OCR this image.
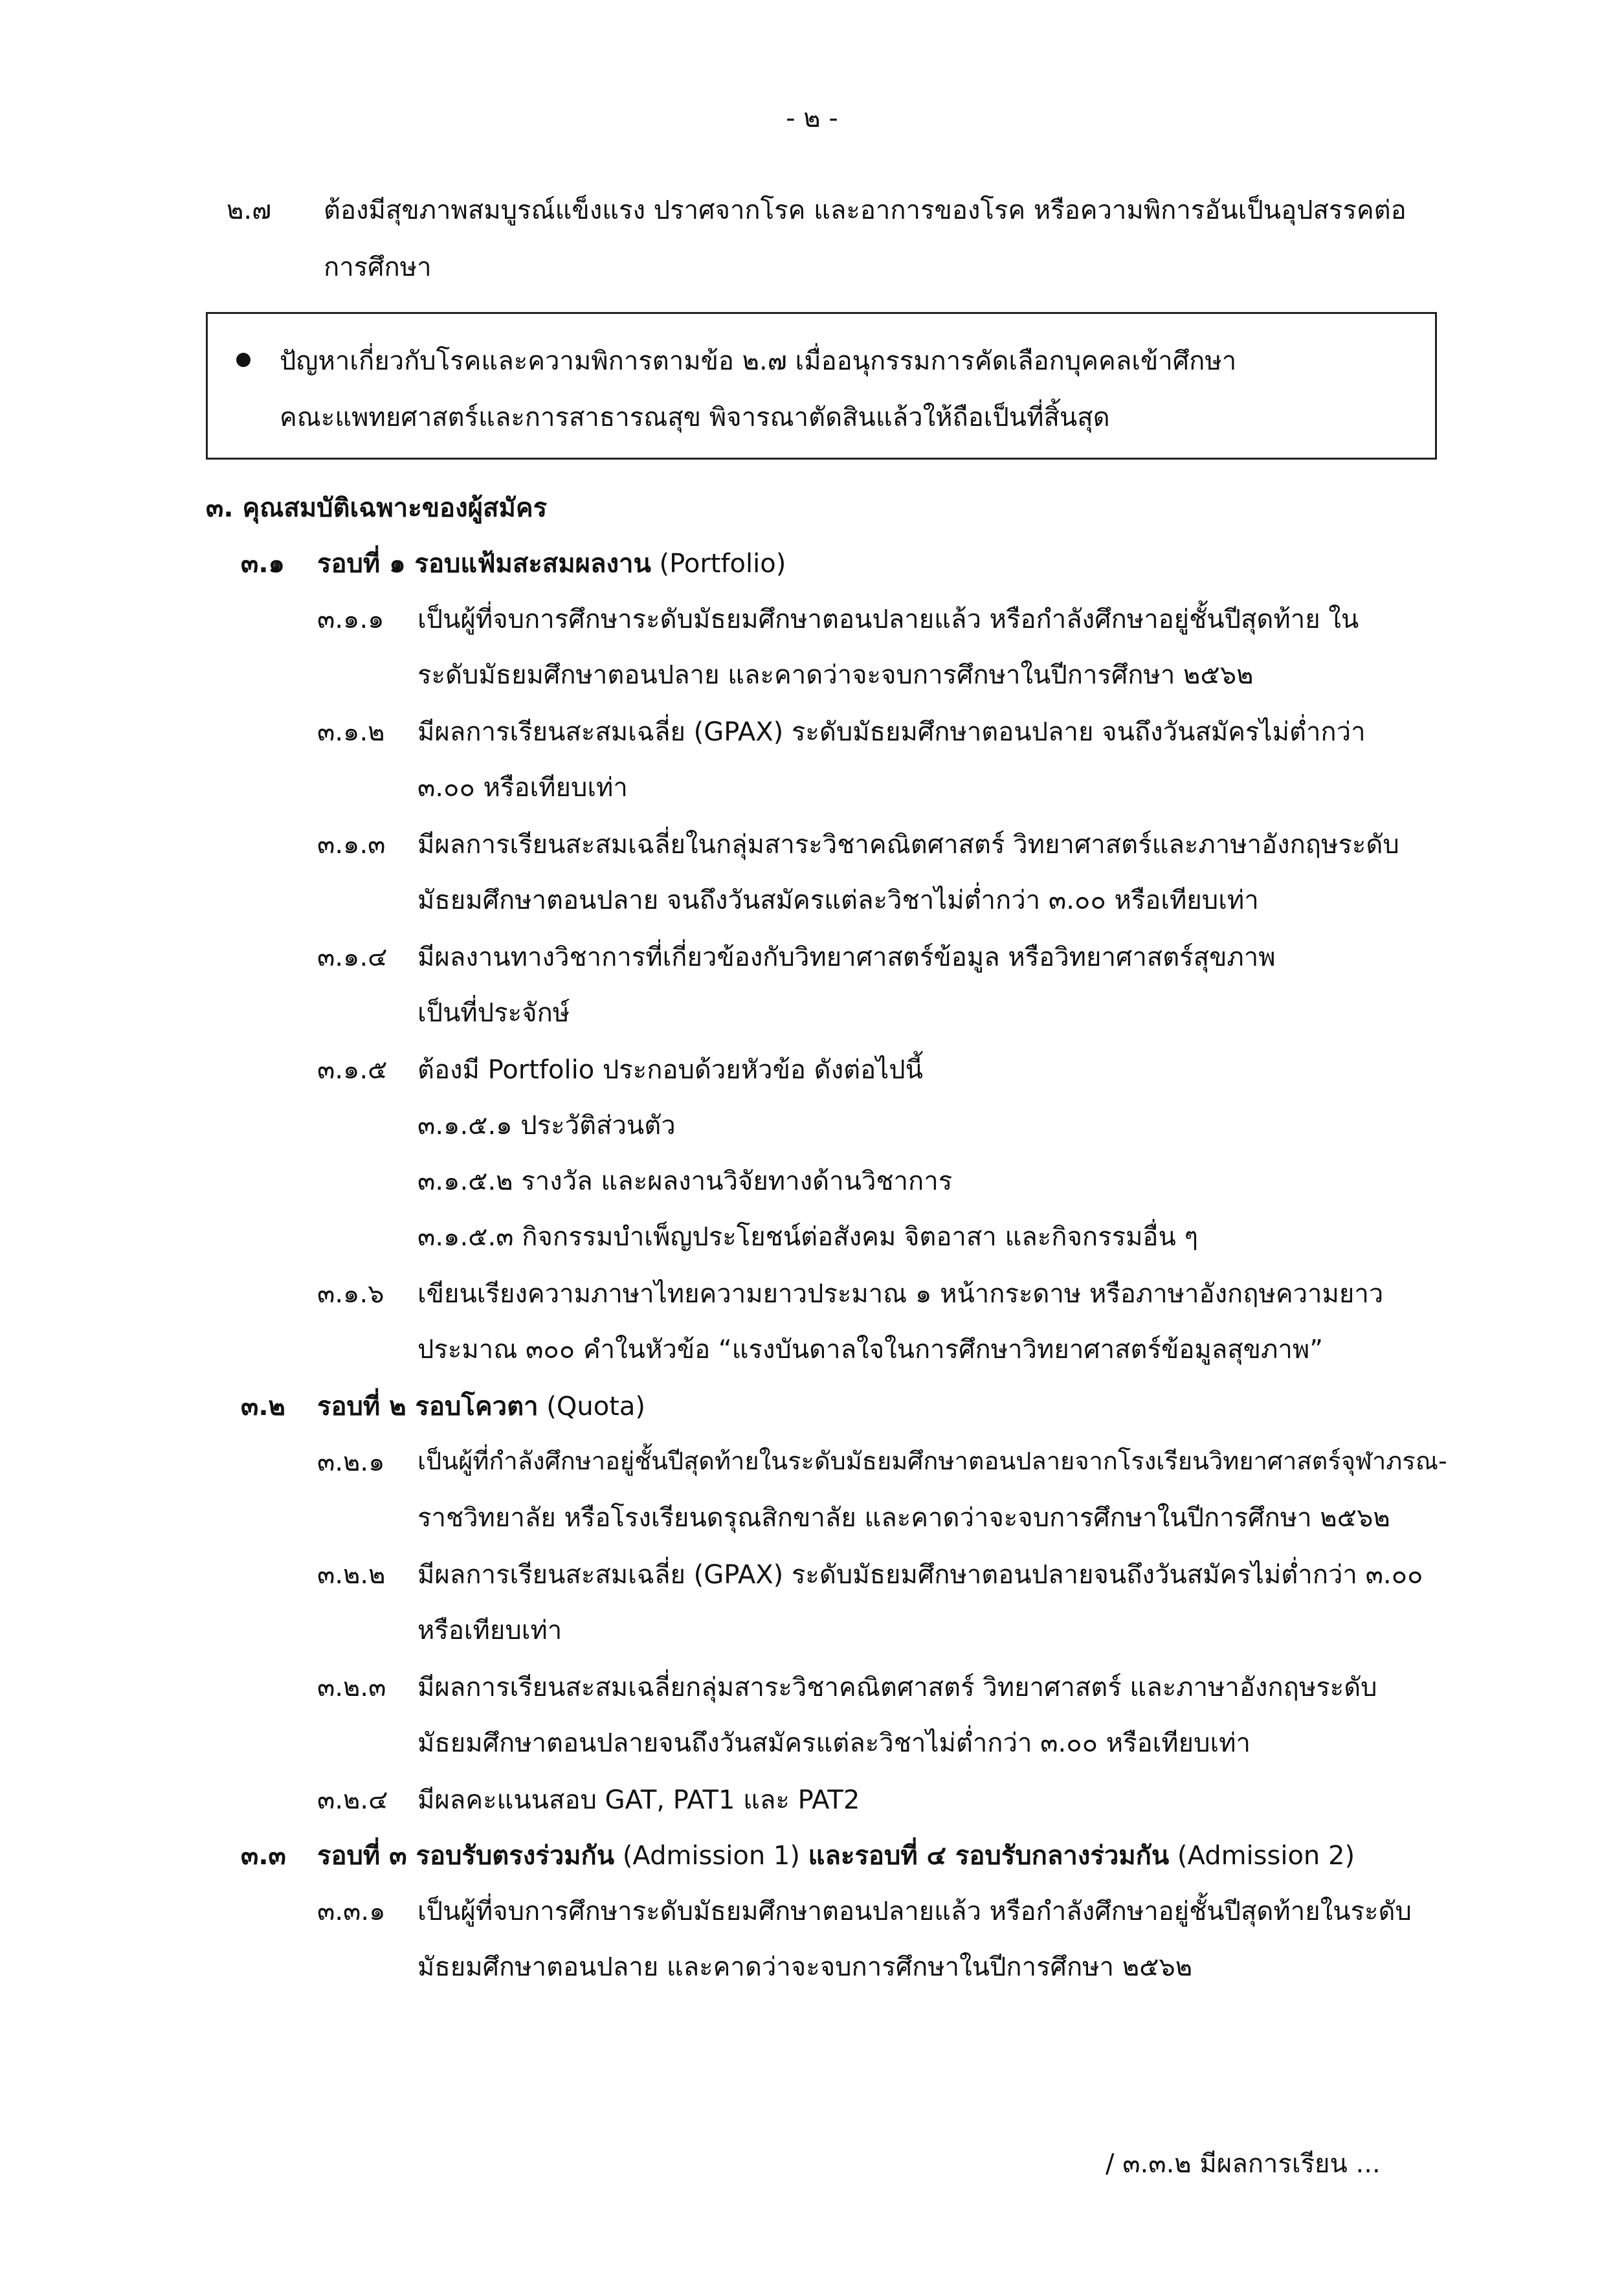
- ๒ -
๒.๗ ต้องมีสุขภาพสมบูรณ์แข็งแรง ปราศจากโรค และอาการของโรค หรือความพิการอันเป็นอุปสรรคต่อ
การศึกษา
ปัญหาเกี่ยวกับโรคและความพิการตามข้อ ๒.๗ เมื่ออนุกรรมการคัดเลือกบุคคลเข้าศึกษา
คณะแพทยศาสตร์และการสาธารณสุข พิจารณาตัดสินแล้วให้ถือเป็นที่สิ้นสุด
๓. คุณสมบัติเฉพาะของผู้สมัคร
๓.๑ รอบที่ ๑ รอบแฟ้มสะสมผลงาน (Portfolio)
๓.๑.๑ เป็นผู้ที่จบการศึกษาระดับมัธยมศึกษาตอนปลายแล้ว หรือกำลังศึกษาอยู่ชั้นปีสุดท้าย ใน
ระดับมัธยมศึกษาตอนปลาย และคาดว่าจะจบการศึกษาในปีการศึกษา ๒๕๖๒
๓.๑.๒ มีผลการเรียนสะสมเฉลี่ย (GPAX) ระดับมัธยมศึกษาตอนปลาย จนถึงวันสมัครไม่ต่ำกว่า
๓.๐๐ หรือเทียบเท่า
๓.๑.๓ มีผลการเรียนสะสมเฉลี่ยในกลุ่มสาระวิชาคณิตศาสตร์ วิทยาศาสตร์และภาษาอังกฤษระดับ
มัธยมศึกษาตอนปลาย จนถึงวันสมัครแต่ละวิชาไม่ต่ำกว่า ๓.๐๐ หรือเทียบเท่า
๓.๑.๔ มีผลงานทางวิชาการที่เกี่ยวข้องกับวิทยาศาสตร์ข้อมูล หรือวิทยาศาสตร์สุขภาพ
เป็นที่ประจักษ์
๓.๑.๕ ต้องมี Portfolio ประกอบด้วยหัวข้อ ดังต่อไปนี้
๓.๑.๕.๑ ประวัติส่วนตัว
๓.๑.๕.๒ รางวัล และผลงานวิจัยทางด้านวิชาการ
๓.๑.๕.๓ กิจกรรมบำเพ็ญประโยชน์ต่อสังคม จิตอาสา และกิจกรรมอื่น ๆ
๓.๑.๖ เขียนเรียงความภาษาไทยความยาวประมาณ ๑ หน้ากระดาษ หรือภาษาอังกฤษความยาว
ประมาณ ๓๐๐ คำในหัวข้อ “แรงบันดาลใจในการศึกษาวิทยาศาสตร์ข้อมูลสุขภาพ”
๓.๒ รอบที่ ๒ รอบโควตา (Quota)
๓.๒.๑ เป็นผู้ที่กำลังศึกษาอยู่ชั้นปีสุดท้ายในระดับมัธยมศึกษาตอนปลายจากโรงเรียนวิทยาศาสตร์จุฬาภรณ-
ราชวิทยาลัย หรือโรงเรียนดรุณสิกขาลัย และคาดว่าจะจบการศึกษาในปีการศึกษา ๒๕๖๒
๓.๒.๒ มีผลการเรียนสะสมเฉลี่ย (GPAX) ระดับมัธยมศึกษาตอนปลายจนถึงวันสมัครไม่ต่ำกว่า ๓.๐๐
หรือเทียบเท่า
๓.๒.๓ มีผลการเรียนสะสมเฉลี่ยกลุ่มสาระวิชาคณิตศาสตร์ วิทยาศาสตร์ และภาษาอังกฤษระดับ
มัธยมศึกษาตอนปลายจนถึงวันสมัครแต่ละวิชาไม่ต่ำกว่า ๓.๐๐ หรือเทียบเท่า
๓.๒.๔ มีผลคะแนนสอบ GAT, PAT1 และ PAT2
๓.๓ รอบที่ ๓ รอบรับตรงร่วมกัน (Admission 1) และรอบที่ ๔ รอบรับกลางร่วมกัน (Admission 2)
๓.๓.๑ เป็นผู้ที่จบการศึกษาระดับมัธยมศึกษาตอนปลายแล้ว หรือกำลังศึกษาอยู่ชั้นปีสุดท้ายในระดับ
มัธยมศึกษาตอนปลาย และคาดว่าจะจบการศึกษาในปีการศึกษา ๒๕๖๒
/ ๓.๓.๒ มีผลการเรียน ...
